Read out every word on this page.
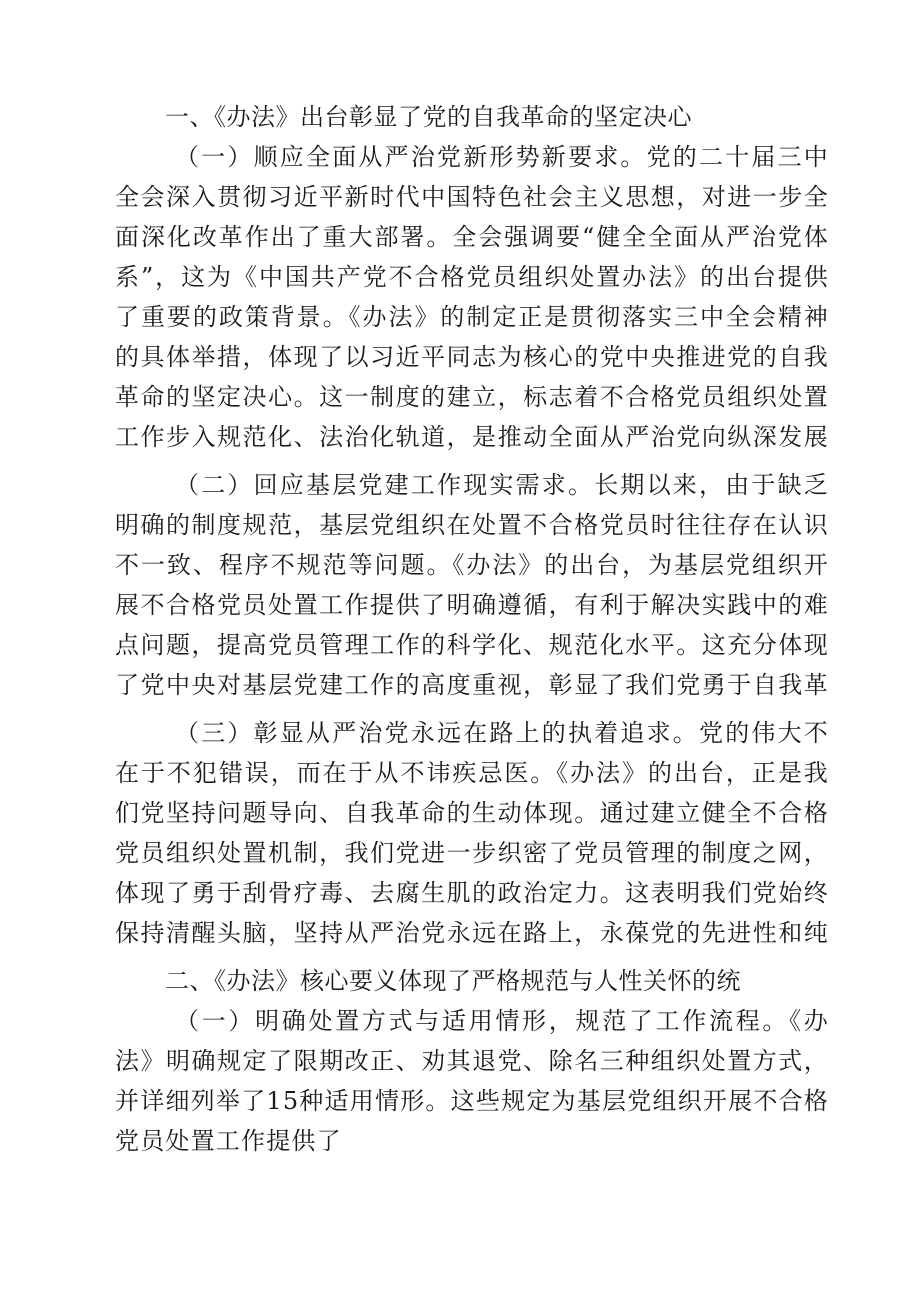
一、《办法》出台彰显了党的自我革命的坚定决心

（一）顺应全面从严治党新形势新要求。党的二十届三中全会深入贯彻习近平新时代中国特色社会主义思想，对进一步全面深化改革作出了重大部署。全会强调要“健全全面从严治党体系”，这为《中国共产党不合格党员组织处置办法》的出台提供了重要的政策背景。《办法》的制定正是贯彻落实三中全会精神的具体举措，体现了以习近平同志为核心的党中央推进党的自我革命的坚定决心。这一制度的建立，标志着不合格党员组织处置工作步入规范化、法治化轨道，是推动全面从严治党向纵深发展

（二）回应基层党建工作现实需求。长期以来，由于缺乏明确的制度规范，基层党组织在处置不合格党员时往往存在认识不一致、程序不规范等问题。《办法》的出台，为基层党组织开展不合格党员处置工作提供了明确遵循，有利于解决实践中的难点问题，提高党员管理工作的科学化、规范化水平。这充分体现了党中央对基层党建工作的高度重视，彰显了我们党勇于自我革

（三）彰显从严治党永远在路上的执着追求。党的伟大不在于不犯错误，而在于从不讳疾忌医。《办法》的出台，正是我们党坚持问题导向、自我革命的生动体现。通过建立健全不合格党员组织处置机制，我们党进一步织密了党员管理的制度之网，体现了勇于刮骨疗毒、去腐生肌的政治定力。这表明我们党始终保持清醒头脑，坚持从严治党永远在路上，永葆党的先进性和纯

二、《办法》核心要义体现了严格规范与人性关怀的统

（一）明确处置方式与适用情形，规范了工作流程。《办法》明确规定了限期改正、劝其退党、除名三种组织处置方式，并详细列举了15种适用情形。这些规定为基层党组织开展不合格党员处置工作提供了
